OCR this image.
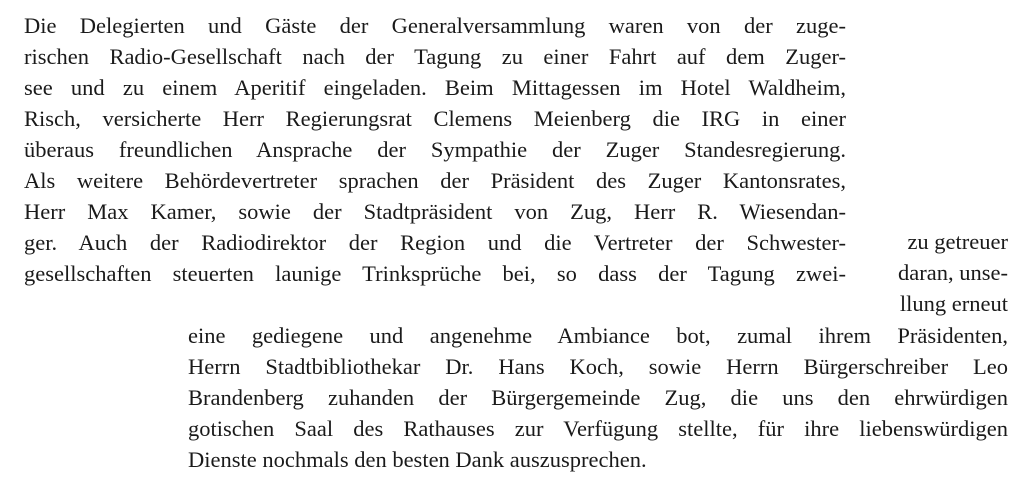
zu getreuer
daran, unse-
llung erneut
eine gediegene und angenehme Ambiance bot, zumal ihrem Präsidenten,
Herrn Stadtbibliothekar Dr. Hans Koch, sowie Herrn Bürgerschreiber Leo
Brandenberg zuhanden der Bürgergemeinde Zug, die uns den ehrwürdigen
gotischen Saal des Rathauses zur Verfügung stellte, für ihre liebenswürdigen
Dienste nochmals den besten Dank auszusprechen.
Die Delegierten und Gäste der Generalversammlung waren von der zuge-
rischen Radio-Gesellschaft nach der Tagung zu einer Fahrt auf dem Zuger-
see und zu einem Aperitif eingeladen. Beim Mittagessen im Hotel Waldheim,
Risch, versicherte Herr Regierungsrat Clemens Meienberg die IRG in einer
überaus freundlichen Ansprache der Sympathie der Zuger Standesregierung.
Als weitere Behördevertreter sprachen der Präsident des Zuger Kantonsrates,
Herr Max Kamer, sowie der Stadtpräsident von Zug, Herr R. Wiesendan-
ger. Auch der Radiodirektor der Region und die Vertreter der Schwester-
gesellschaften steuerten launige Trinksprüche bei, so dass der Tagung zwei-
